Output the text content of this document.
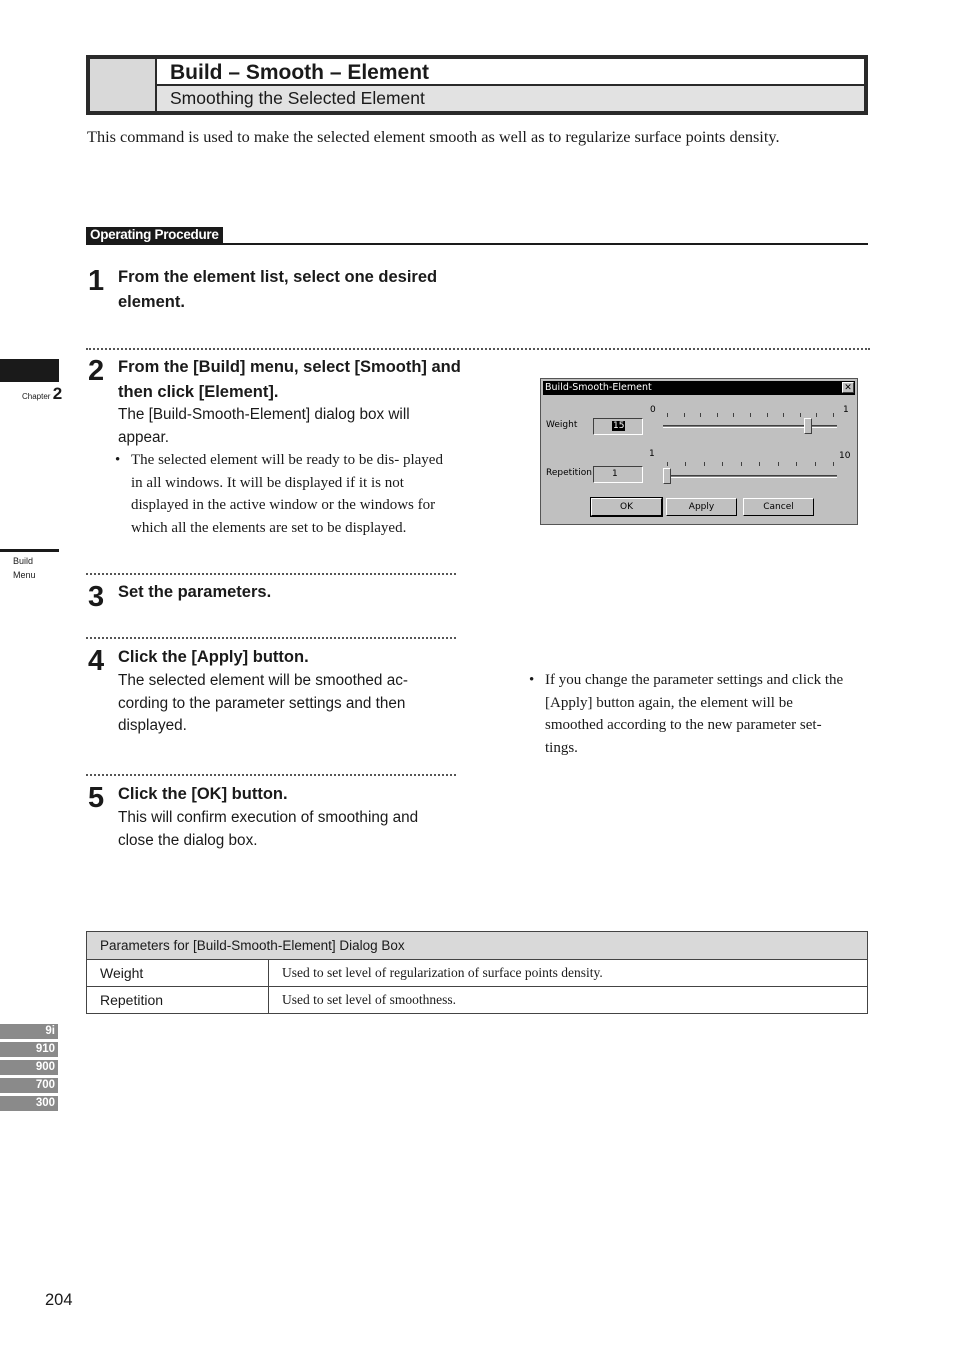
Build – Smooth – Element
Smoothing the Selected Element

This command is used to make the selected element smooth as well as to regularize surface points density.

Operating Procedure
1 From the element list, select one desired element.
2 From the [Build] menu, select [Smooth] and then click [Element].
The [Build-Smooth-Element] dialog box will appear.
• The selected element will be ready to be dis- played in all windows. It will be displayed if it is not displayed in the active window or the windows for which all the elements are set to be displayed.
Build-Smooth-Element	✕
Weight	15
0	1
Repetition	1
1	10
OK	Apply	Cancel
3 Set the parameters.
4 Click the [Apply] button.
The selected element will be smoothed ac- cording to the parameter settings and then displayed.
• If you change the parameter settings and click the [Apply] button again, the element will be smoothed according to the new parameter set- tings.
5 Click the [OK] button.
This will confirm execution of smoothing and close the dialog box.
Parameters for [Build-Smooth-Element] Dialog Box	
Weight	Used to set level of regularization of surface points density.
Repetition	Used to set level of smoothness.
Chapter 2
Build
Menu
9i
910
900
700
300
204
